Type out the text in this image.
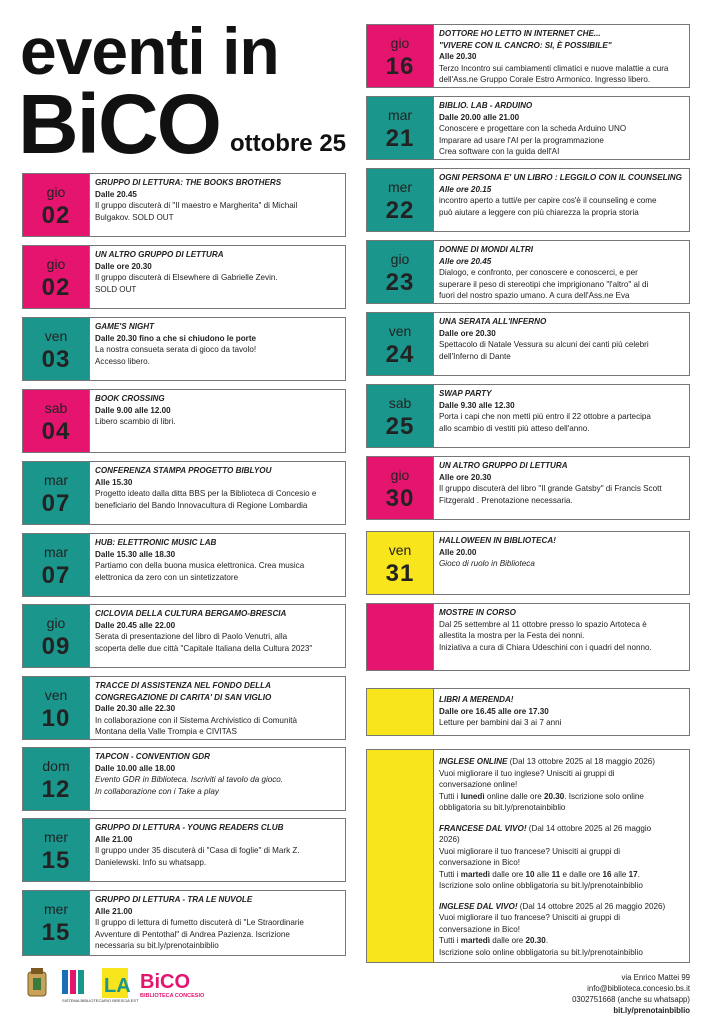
eventi in
BiCO ottobre 25
gio
02
GRUPPO DI LETTURA: THE BOOKS BROTHERS
Dalle 20.45
Il gruppo discuterà di "Il maestro e Margherita" di Michail
Bulgakov. SOLD OUT
gio
02
UN ALTRO GRUPPO DI LETTURA
Dalle ore 20.30
Il gruppo discuterà di Elsewhere di Gabrielle Zevin.
SOLD OUT
ven
03
GAME'S NIGHT
Dalle 20.30 fino a che si chiudono le porte
La nostra consueta serata di gioco da tavolo!
Accesso libero.
sab
04
BOOK CROSSING
Dalle 9.00 alle 12.00
Libero scambio di libri.
mar
07
CONFERENZA STAMPA PROGETTO BIBLYOU
Alle 15.30
Progetto ideato dalla ditta BBS per la Biblioteca di Concesio e
beneficiario del Bando Innovacultura di Regione Lombardia
mar
07
HUB: ELETTRONIC MUSIC LAB
Dalle 15.30 alle 18.30
Partiamo con della buona musica elettronica. Crea musica
elettronica da zero con un sintetizzatore
gio
09
CICLOVIA DELLA CULTURA BERGAMO-BRESCIA
Dalle 20.45 alle 22.00
Serata di presentazione del libro di Paolo Venutri, alla
scoperta delle due città "Capitale Italiana della Cultura 2023"
ven
10
TRACCE DI ASSISTENZA NEL FONDO DELLA CONGREGAZIONE DI CARITA' DI SAN VIGLIO
Dalle 20.30 alle 22.30
In collaborazione con il Sistema Archivistico di Comunità
Montana della Valle Trompia e CIVITAS
dom
12
TAPCON - CONVENTION GDR
Dalle 10.00 alle 18.00
Evento GDR in Biblioteca. Iscriviti al tavolo da gioco.
In collaborazione con i Take a play
mer
15
GRUPPO DI LETTURA - YOUNG READERS CLUB
Alle 21.00
Il gruppo under 35 discuterà di "Casa di foglie" di Mark Z.
Danielewski. Info su whatsapp.
mer
15
GRUPPO DI LETTURA - TRA LE NUVOLE
Alle 21.00
Il gruppo di lettura di fumetto discuterà di "Le Straordinarie
Avventure di Pentothal" di Andrea Pazienza. Iscrizione
necessaria su bit.ly/prenotainbiblio
gio
16
DOTTORE HO LETTO IN INTERNET CHE...
"VIVERE CON IL CANCRO: SI, È POSSIBILE"
Alle 20.30
Terzo Incontro sui cambiamenti climatici e nuove malattie a cura
dell'Ass.ne Gruppo Corale Estro Armonico. Ingresso libero.
mar
21
BIBLIO. LAB - ARDUINO
Dalle 20.00 alle 21.00
Conoscere e progettare con la scheda Arduino UNO
Imparare ad usare l'AI per la programmazione
Crea software con la guida dell'AI
mer
22
OGNI PERSONA E' UN LIBRO : LEGGILO CON IL COUNSELING
Alle ore 20.15
incontro aperto a tutti/e per capire cos'è il counseling e come
può aiutare a leggere con più chiarezza la propria storia
gio
23
DONNE DI MONDI ALTRI
Alle ore 20.45
Dialogo, e confronto, per conoscere e conoscerci, e per
superare il peso di stereotipi che imprigionano "l'altro" al di
fuori del nostro spazio umano. A cura dell'Ass.ne Eva
ven
24
UNA SERATA ALL'INFERNO
Dalle ore 20.30
Spettacolo di Natale Vessura su alcuni dei canti più celebri
dell'Inferno di Dante
sab
25
SWAP PARTY
Dalle 9.30 alle 12.30
Porta i capi che non metti più entro il 22 ottobre a partecipa
allo scambio di vestiti più atteso dell'anno.
gio
30
UN ALTRO GRUPPO DI LETTURA
Alle ore 20.30
Il gruppo discuterà del libro "Il grande Gatsby" di Francis Scott
Fitzgerald . Prenotazione necessaria.
ven
31
HALLOWEEN IN BIBLIOTECA!
Alle 20.00
Gioco di ruolo in Biblioteca
MOSTRE IN CORSO
Dal 25 settembre al 11 ottobre presso lo spazio Artoteca è
allestita la mostra per la Festa dei nonni.
Iniziativa a cura di Chiara Udeschini con i quadri del nonno.
LIBRI A MERENDA!
Dalle ore 16.45 alle ore 17.30
Letture per bambini dai 3 ai 7 anni
INGLESE ONLINE (Dal 13 ottobre 2025 al 18 maggio 2026)
Vuoi migliorare il tuo inglese? Unisciti ai gruppi di
conversazione online!
Tutti i lunedì online dalle ore 20.30. Iscrizione solo online
obbligatoria su bit.ly/prenotainbiblio
FRANCESE DAL VIVO! (Dal 14 ottobre 2025 al 26 maggio
2026)
Vuoi migliorare il tuo francese? Unisciti ai gruppi di
conversazione in Bico!
Tutti i martedì dalle ore 10 alle 11 e dalle ore 16 alle 17.
Iscrizione solo online obbligatoria su bit.ly/prenotainbiblio
INGLESE DAL VIVO! (Dal 14 ottobre 2025 al 26 maggio 2026)
Vuoi migliorare il tuo francese? Unisciti ai gruppi di
conversazione in Bico!
Tutti i martedì dalle ore 20.30.
Iscrizione solo online obbligatoria su bit.ly/prenotainbiblio
SISTEMA BIBLIOTECARIO BRESCIA EST
LA BiCO
BIBLIOTECA CONCESIO
via Enrico Mattei 99
info@biblioteca.concesio.bs.it
0302751668 (anche su whatsapp)
bit.ly/prenotainbiblio
